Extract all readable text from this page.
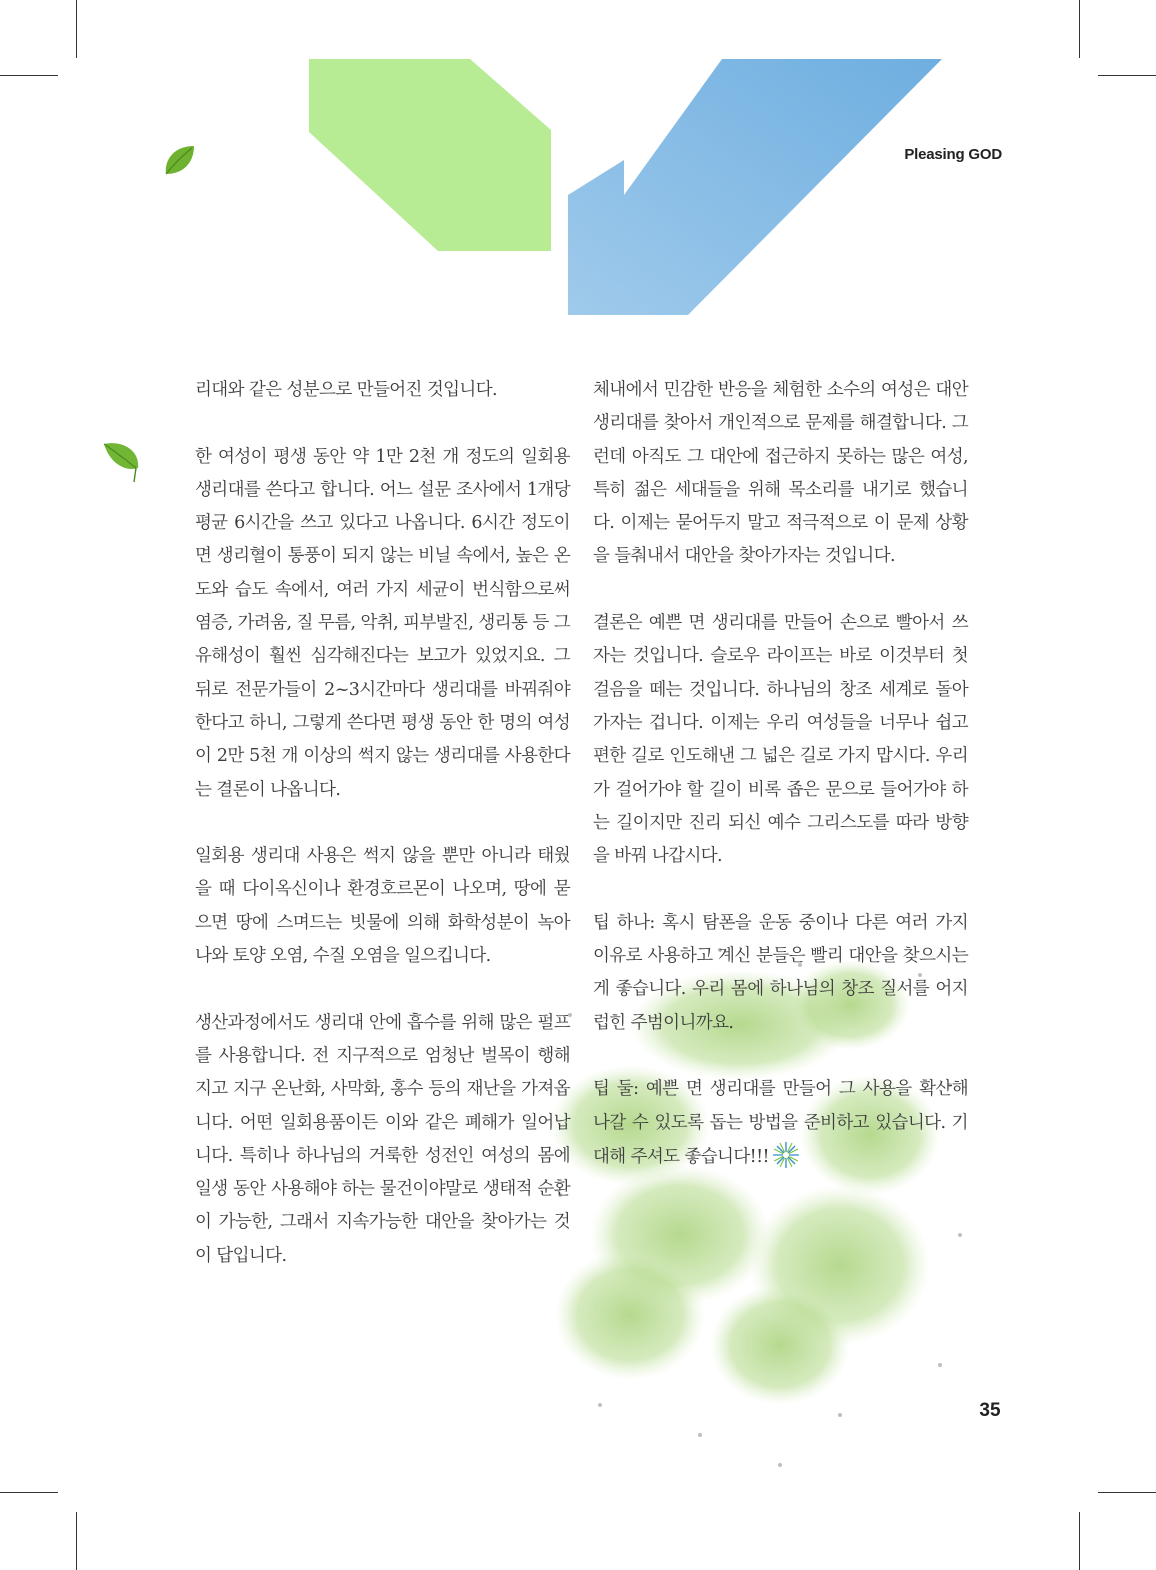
Pleasing GOD

리대와 같은 성분으로 만들어진 것입니다.

한 여성이 평생 동안 약 1만 2천 개 정도의 일회용 생리대를 쓴다고 합니다. 어느 설문 조사에서 1개당 평균 6시간을 쓰고 있다고 나옵니다. 6시간 정도이면 생리혈이 통풍이 되지 않는 비닐 속에서, 높은 온도와 습도 속에서, 여러 가지 세균이 번식함으로써 염증, 가려움, 질 무름, 악취, 피부발진, 생리통 등 그 유해성이 훨씬 심각해진다는 보고가 있었지요. 그 뒤로 전문가들이 2~3시간마다 생리대를 바꿔줘야 한다고 하니, 그렇게 쓴다면 평생 동안 한 명의 여성이 2만 5천 개 이상의 썩지 않는 생리대를 사용한다는 결론이 나옵니다.

일회용 생리대 사용은 썩지 않을 뿐만 아니라 태웠을 때 다이옥신이나 환경호르몬이 나오며, 땅에 묻으면 땅에 스며드는 빗물에 의해 화학성분이 녹아 나와 토양 오염, 수질 오염을 일으킵니다.

생산과정에서도 생리대 안에 흡수를 위해 많은 펄프를 사용합니다. 전 지구적으로 엄청난 벌목이 행해지고 지구 온난화, 사막화, 홍수 등의 재난을 가져옵니다. 어떤 일회용품이든 이와 같은 폐해가 일어납니다. 특히나 하나님의 거룩한 성전인 여성의 몸에 일생 동안 사용해야 하는 물건이야말로 생태적 순환이 가능한, 그래서 지속가능한 대안을 찾아가는 것이 답입니다.

체내에서 민감한 반응을 체험한 소수의 여성은 대안 생리대를 찾아서 개인적으로 문제를 해결합니다. 그런데 아직도 그 대안에 접근하지 못하는 많은 여성, 특히 젊은 세대들을 위해 목소리를 내기로 했습니다. 이제는 묻어두지 말고 적극적으로 이 문제 상황을 들춰내서 대안을 찾아가자는 것입니다.

결론은 예쁜 면 생리대를 만들어 손으로 빨아서 쓰자는 것입니다. 슬로우 라이프는 바로 이것부터 첫걸음을 떼는 것입니다. 하나님의 창조 세계로 돌아가자는 겁니다. 이제는 우리 여성들을 너무나 쉽고 편한 길로 인도해낸 그 넓은 길로 가지 맙시다. 우리가 걸어가야 할 길이 비록 좁은 문으로 들어가야 하는 길이지만 진리 되신 예수 그리스도를 따라 방향을 바꿔 나갑시다.

팁 하나: 혹시 탐폰을 운동 중이나 다른 여러 가지 이유로 사용하고 계신 분들은 빨리 대안을 찾으시는 게 좋습니다. 우리 몸에 하나님의 창조 질서를 어지럽힌 주범이니까요.

팁 둘: 예쁜 면 생리대를 만들어 그 사용을 확산해 나갈 수 있도록 돕는 방법을 준비하고 있습니다. 기대해 주셔도 좋습니다!!!

35
